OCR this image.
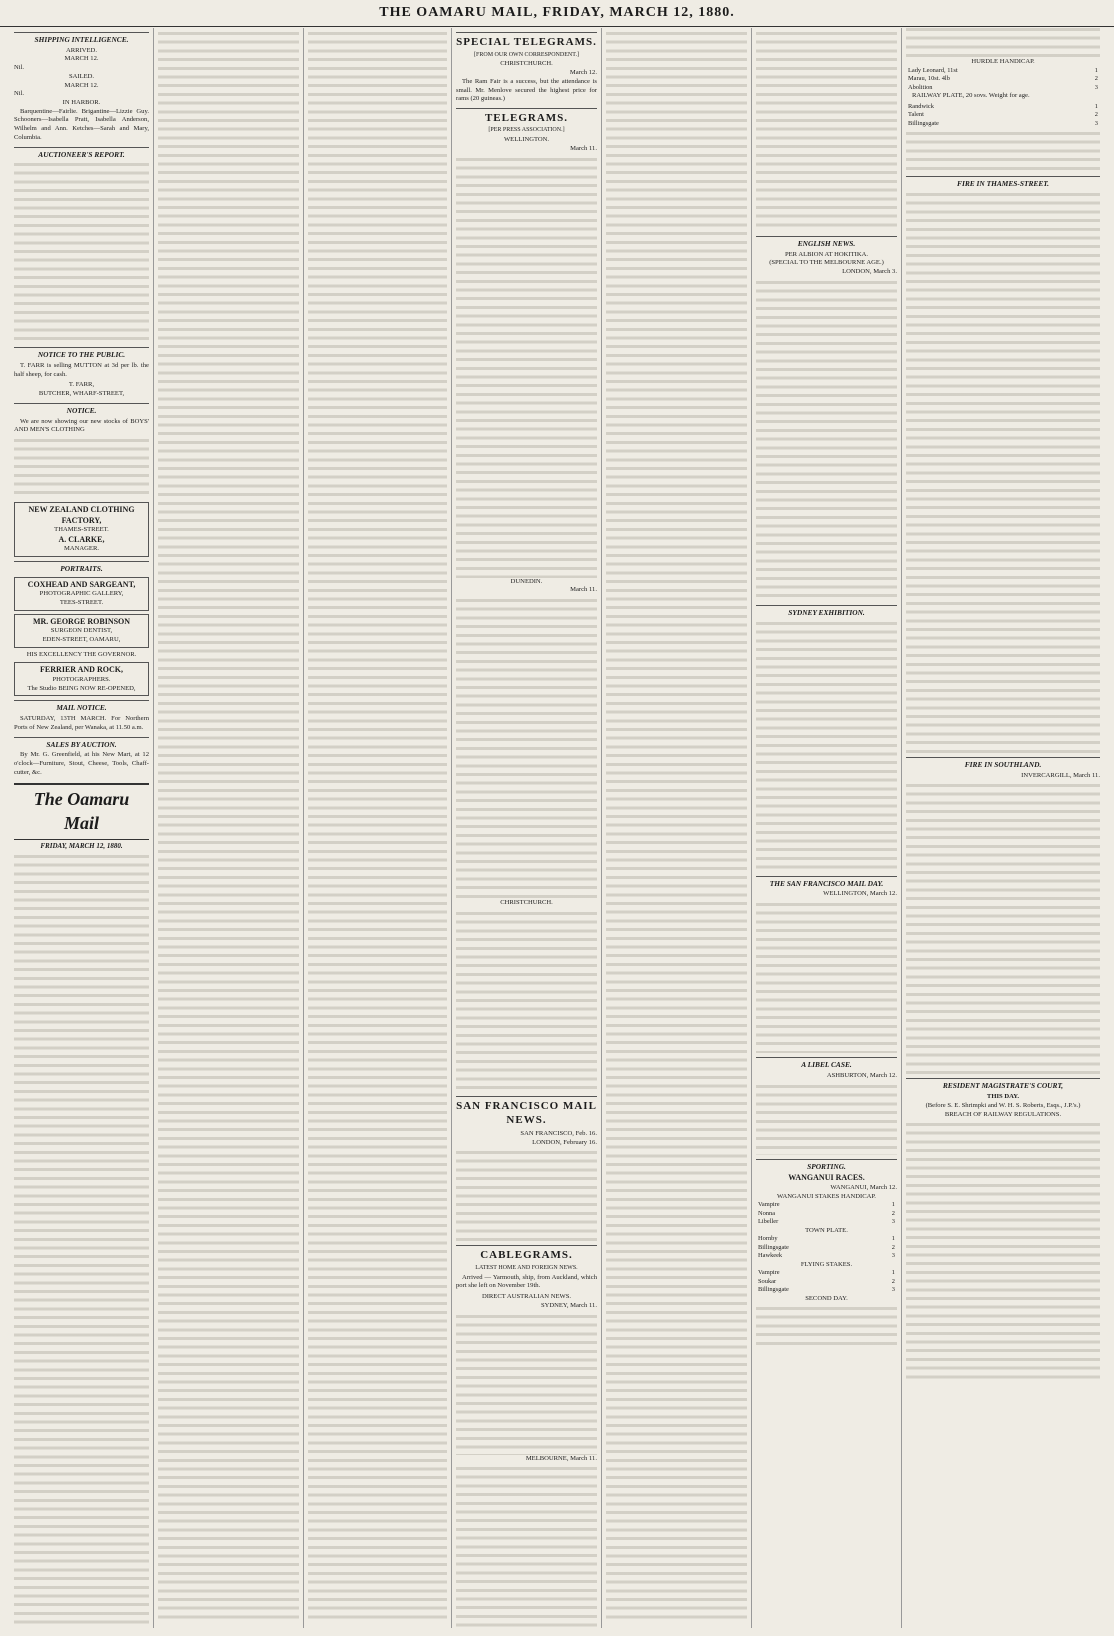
THE OAMARU MAIL, FRIDAY, MARCH 12, 1880.
SHIPPING INTELLIGENCE.
ARRIVED.
MARCH 12.
Nil.
SAILED.
MARCH 12.
Nil.
IN HARBOR.

Barquentine—Fairlie. Brigantine—Lizzie Guy. Schooners—Isabella Pratt, Isabella Anderson, Wilhelm and Ann. Ketches—Sarah and Mary, Columbia.

AUCTIONEER'S REPORT.
NOTICE TO THE PUBLIC.

T. FARR is selling MUTTON at 3d per lb. the half sheep, for cash.

T. FARR,
BUTCHER, WHARF-STREET,
NOTICE.

We are now showing our new stocks of BOYS' AND MEN'S CLOTHING

NEW ZEALAND CLOTHING FACTORY,
THAMES-STREET.
A. CLARKE,
MANAGER.
PORTRAITS.
COXHEAD AND SARGEANT,
PHOTOGRAPHIC GALLERY,
TEES-STREET.
MR. GEORGE ROBINSON
SURGEON DENTIST,
EDEN-STREET, OAMARU,
HIS EXCELLENCY THE GOVERNOR.
FERRIER AND ROCK,
PHOTOGRAPHERS.
The Studio BEING NOW RE-OPENED,
MAIL NOTICE.

SATURDAY, 13TH MARCH. For Northern Ports of New Zealand, per Wanaka, at 11.50 a.m.

SALES BY AUCTION.

By Mr. G. Greenfield, at his New Mart, at 12 o'clock—Furniture, Stout, Cheese, Tools, Chaff-cutter, &c.

The Oamaru Mail
FRIDAY, MARCH 12, 1880.
SPECIAL TELEGRAMS.
[FROM OUR OWN CORRESPONDENT.]
CHRISTCHURCH.
March 12.

The Ram Fair is a success, but the attendance is small. Mr. Menlove secured the highest price for rams (20 guineas.)

TELEGRAMS.
[PER PRESS ASSOCIATION.]
WELLINGTON.
March 11.
DUNEDIN.
March 11.
CHRISTCHURCH.
SAN FRANCISCO MAIL NEWS.
SAN FRANCISCO, Feb. 16.
LONDON, February 16.
CABLEGRAMS.
LATEST HOME AND FOREIGN NEWS.

Arrived — Yarmouth, ship, from Auckland, which port she left on November 19th.

DIRECT AUSTRALIAN NEWS.
SYDNEY, March 11.
MELBOURNE, March 11.
ENGLISH NEWS.
PER ALBION AT HOKITIKA.
(SPECIAL TO THE MELBOURNE AGE.)
LONDON, March 3.
SYDNEY EXHIBITION.
THE SAN FRANCISCO MAIL DAY.
WELLINGTON, March 12.
A LIBEL CASE.
ASHBURTON, March 12.
SPORTING.
WANGANUI RACES.
WANGANUI, March 12.
WANGANUI STAKES HANDICAP.
Vampire	1
Nonna	2
Libeller	3
TOWN PLATE.
Hornby	1
Billingsgate	2
Hawkeek	3
FLYING STAKES.
Vampire	1
Soukar	2
Billingsgate	3
SECOND DAY.
HURDLE HANDICAP.
Lady Leonard, 11st	1
Marau, 10st. 4lb	2
Abolition	3

RAILWAY PLATE, 20 sovs. Weight for age.

Randwick	1
Talent	2
Billingsgate	3
FIRE IN THAMES-STREET.
FIRE IN SOUTHLAND.
INVERCARGILL, March 11.
RESIDENT MAGISTRATE'S COURT,
THIS DAY.
(Before S. E. Shrimpki and W. H. S. Roberts, Esqs., J.P.'s.)
BREACH OF RAILWAY REGULATIONS.
